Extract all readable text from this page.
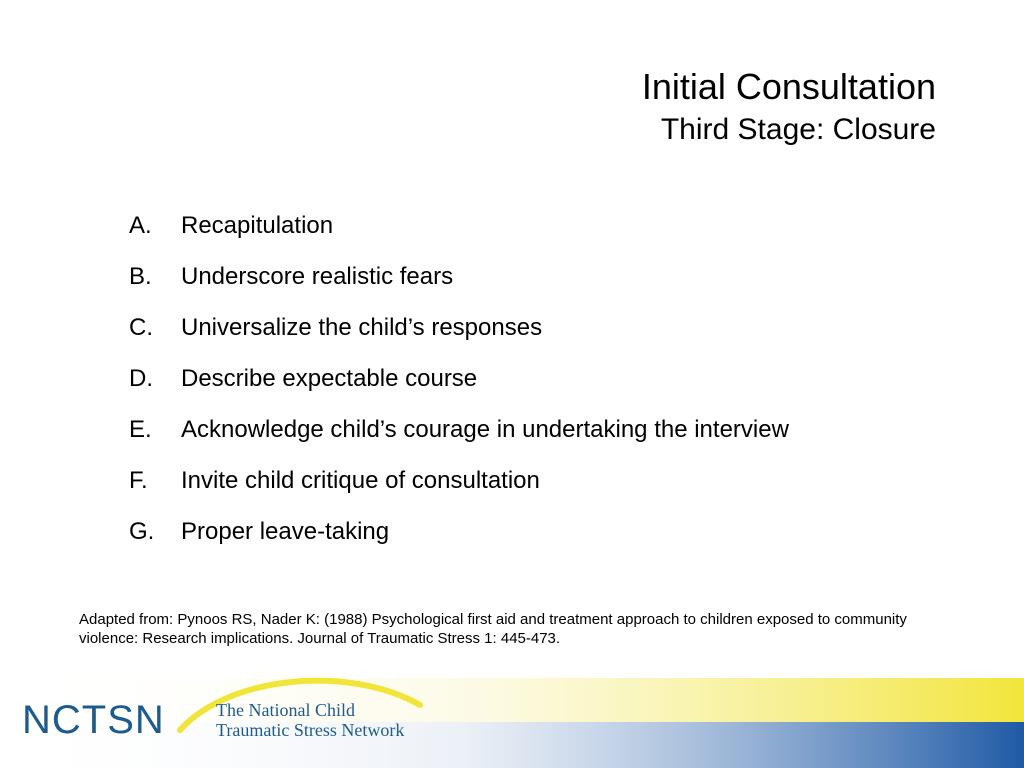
Initial Consultation
Third Stage: Closure
A.	Recapitulation
B.	Underscore realistic fears
C.	Universalize the child’s responses
D.	Describe expectable course
E.	Acknowledge child’s courage in undertaking the interview
F.	Invite child critique of consultation
G.	Proper leave-taking
Adapted from: Pynoos RS, Nader K: (1988) Psychological first aid and treatment approach to children exposed to community violence: Research implications. Journal of Traumatic Stress 1: 445-473.
NCTSN	The National Child
Traumatic Stress Network
